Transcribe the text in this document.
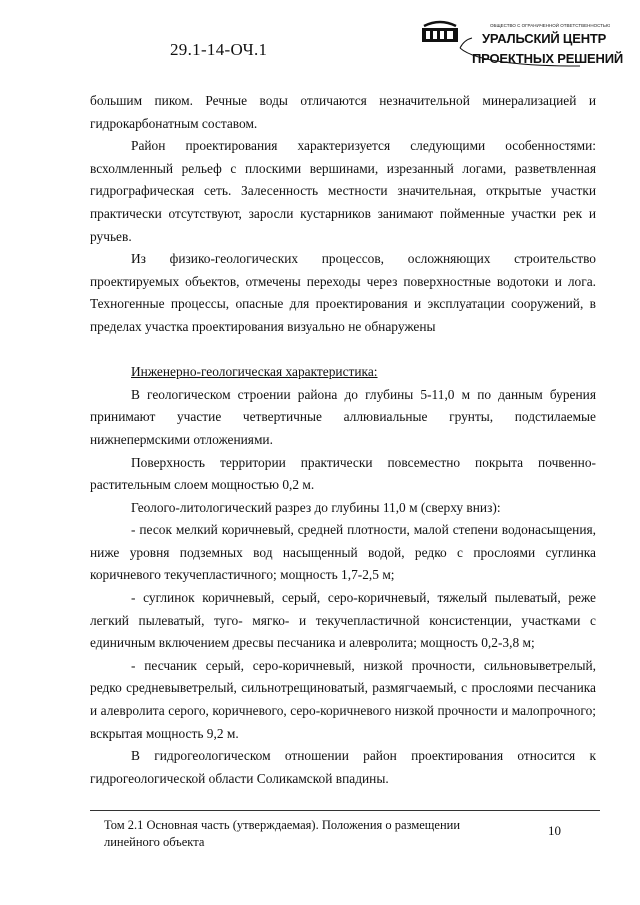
29.1-14-ОЧ.1
ОБЩЕСТВО С ОГРАНИЧЕННОЙ ОТВЕТСТВЕННОСТЬЮ
УРАЛЬСКИЙ ЦЕНТР
ПРОЕКТНЫХ РЕШЕНИЙ

большим пиком. Речные воды отличаются незначительной минерализацией и гидрокарбонатным составом.

Район проектирования характеризуется следующими особенностями: всхолмленный рельеф с плоскими вершинами, изрезанный логами, разветвленная гидрографическая сеть. Залесенность местности значительная, открытые участки практически отсутствуют, заросли кустарников занимают пойменные участки рек и ручьев.

Из физико-геологических процессов, осложняющих строительство проектируемых объектов, отмечены переходы через поверхностные водотоки и лога. Техногенные процессы, опасные для проектирования и эксплуатации сооружений, в пределах участка проектирования визуально не обнаружены

Инженерно-геологическая характеристика:

В геологическом строении района до глубины 5-11,0 м по данным бурения принимают участие четвертичные аллювиальные грунты, подстилаемые нижнепермскими отложениями.

Поверхность территории практически повсеместно покрыта почвенно-растительным слоем мощностью 0,2 м.

Геолого-литологический разрез до глубины 11,0 м (сверху вниз):

- песок мелкий коричневый, средней плотности, малой степени водонасыщения, ниже уровня подземных вод насыщенный водой, редко с прослоями суглинка коричневого текучепластичного; мощность 1,7-2,5 м;

- суглинок коричневый, серый, серо-коричневый, тяжелый пылеватый, реже легкий пылеватый, туго- мягко- и текучепластичной консистенции, участками с единичным включением дресвы песчаника и алевролита; мощность 0,2-3,8 м;

- песчаник серый, серо-коричневый, низкой прочности, сильновыветрелый, редко средневыветрелый, сильнотрещиноватый, размягчаемый, с прослоями песчаника и алевролита серого, коричневого, серо-коричневого низкой прочности и малопрочного; вскрытая мощность 9,2 м.

В гидрогеологическом отношении район проектирования относится к гидрогеологической области Соликамской впадины.

Том 2.1 Основная часть (утверждаемая). Положения о размещении линейного объекта
10
